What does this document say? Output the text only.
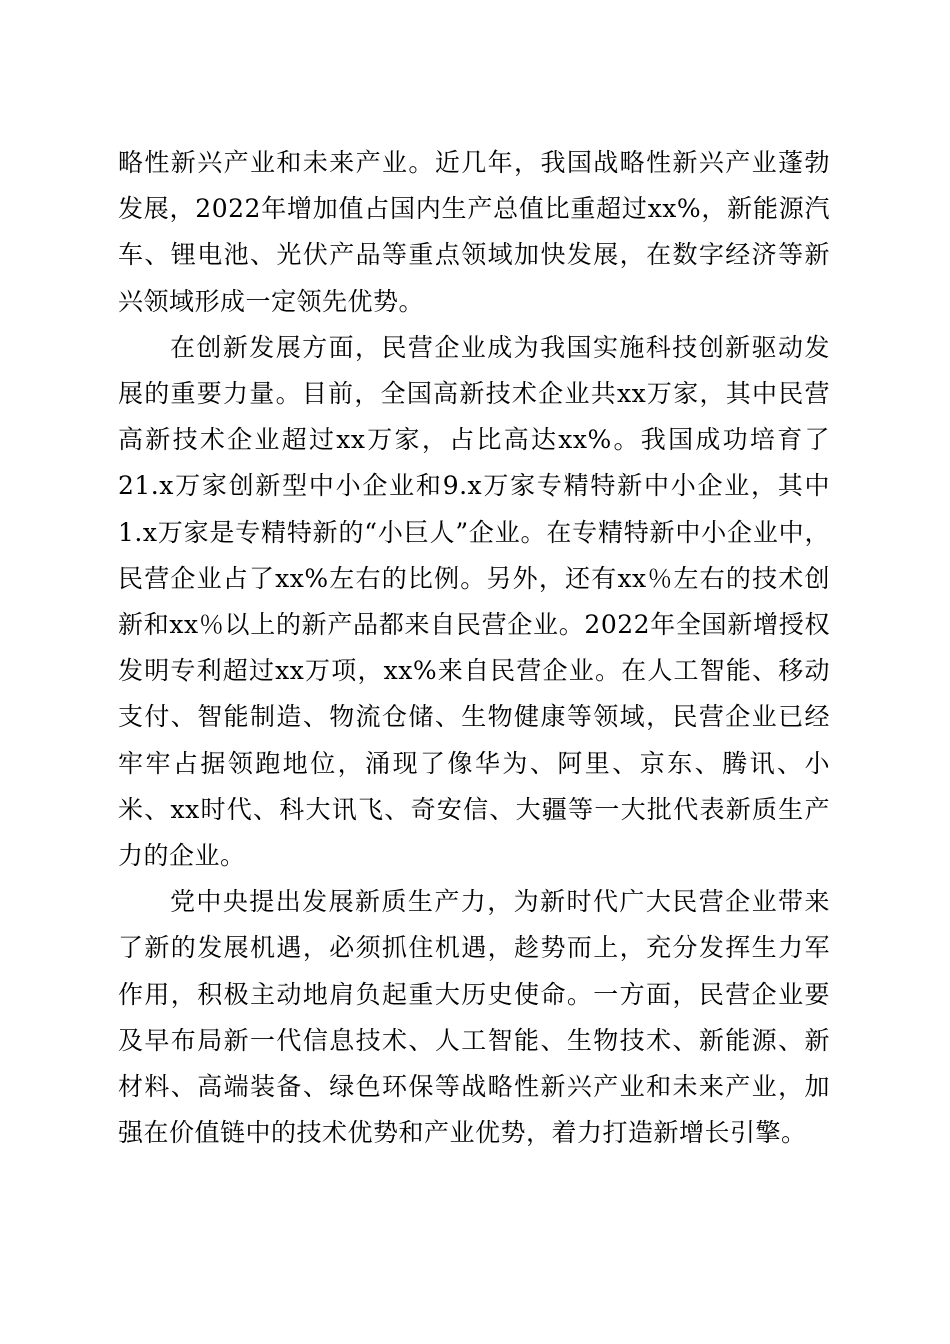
略性新兴产业和未来产业。近几年，我国战略性新兴产业蓬勃发展，2022年增加值占国内生产总值比重超过xx%，新能源汽车、锂电池、光伏产品等重点领域加快发展，在数字经济等新兴领域形成一定领先优势。

在创新发展方面，民营企业成为我国实施科技创新驱动发展的重要力量。目前，全国高新技术企业共xx万家，其中民营高新技术企业超过xx万家，占比高达xx%。我国成功培育了21.x万家创新型中小企业和9.x万家专精特新中小企业，其中1.x万家是专精特新的“小巨人”企业。在专精特新中小企业中，民营企业占了xx%左右的比例。另外，还有xx％左右的技术创新和xx％以上的新产品都来自民营企业。2022年全国新增授权发明专利超过xx万项，xx%来自民营企业。在人工智能、移动支付、智能制造、物流仓储、生物健康等领域，民营企业已经牢牢占据领跑地位，涌现了像华为、阿里、京东、腾讯、小米、xx时代、科大讯飞、奇安信、大疆等一大批代表新质生产力的企业。

党中央提出发展新质生产力，为新时代广大民营企业带来了新的发展机遇，必须抓住机遇，趁势而上，充分发挥生力军作用，积极主动地肩负起重大历史使命。一方面，民营企业要及早布局新一代信息技术、人工智能、生物技术、新能源、新材料、高端装备、绿色环保等战略性新兴产业和未来产业，加强在价值链中的技术优势和产业优势，着力打造新增长引擎。
